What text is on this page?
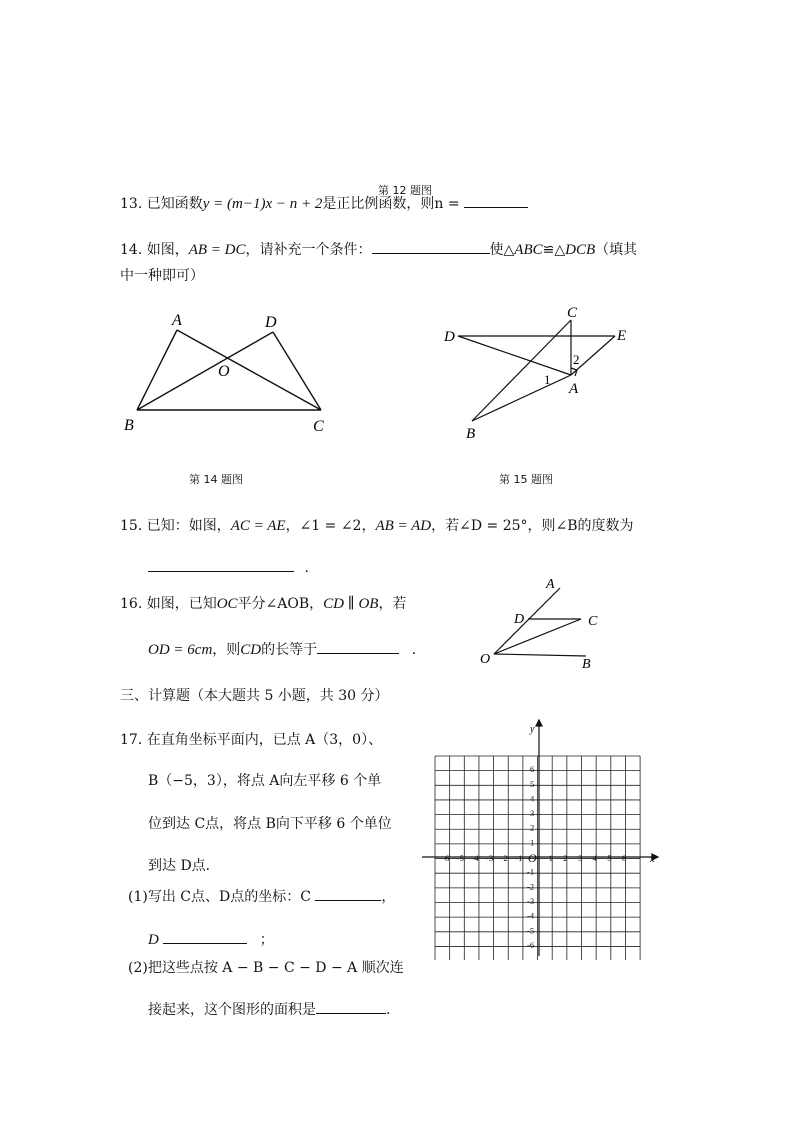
第 12 题图
13. 已知函数y = (m−1)x − n + 2是正比例函数，则n =
14. 如图，AB = DC，请补充一个条件：	使△ABC≌△DCB（填其
中一种即可）
A	D
O
B	C
第 14 题图
C
D	E
2
1
A
B
第 15 题图
15. 已知：如图，AC = AE，∠1 = ∠2，AB = AD，若∠D = 25°，则∠B的度数为
.
16. 如图，已知OC平分∠AOB，CD ∥ OB，若
OD = 6cm，则CD的长等于	.
A
D	C
O	B
三、计算题（本大题共 5 小题，共 30 分）
17. 在直角坐标平面内，已点 A（3，0）、
B（−5，3），将点 A向左平移 6 个单
位到达 C点，将点 B向下平移 6 个单位
到达 D点．
(1)写出 C点、D点的坐标：C	，
D	；
(2)把这些点按 A − B − C − D − A 顺次连
接起来，这个图形的面积是	.
-6 -5 -4 -3 -2 -1 O 1 2 3 4 5 6
6
5
4
3
2
1
-1
-2
-3
-4
-5
-6
x
y
